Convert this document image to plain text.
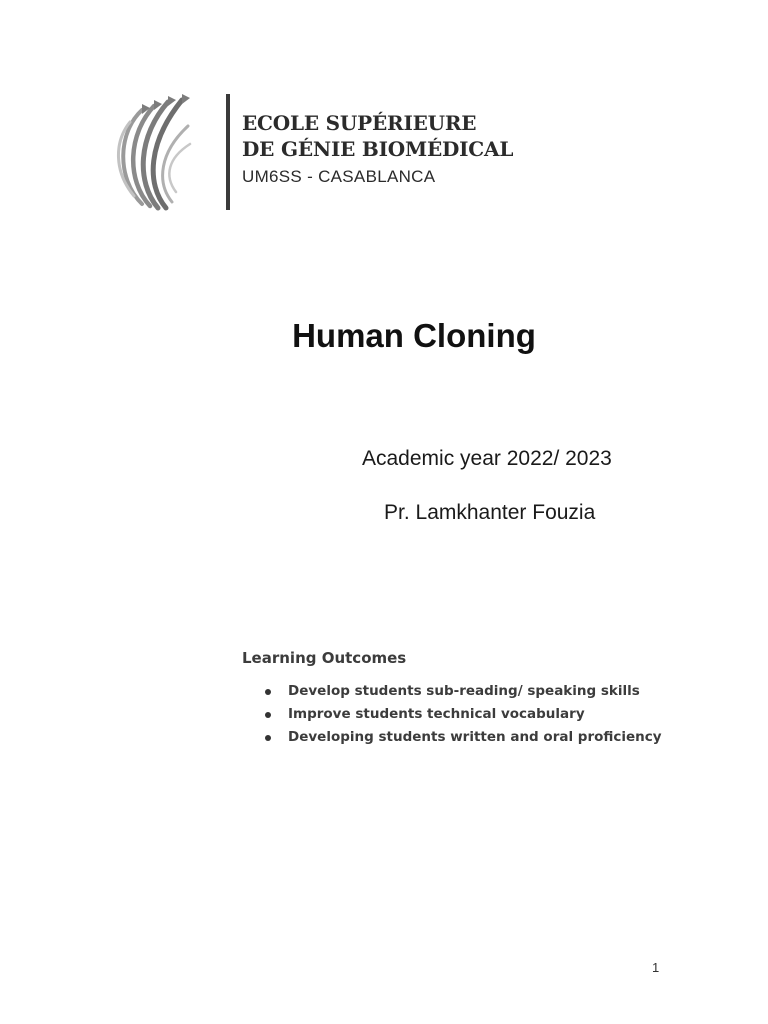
ECOLE SUPÉRIEURE
DE GÉNIE BIOMÉDICAL
UM6SS - CASABLANCA
Human Cloning
Academic year 2022/ 2023
Pr. Lamkhanter Fouzia
Learning Outcomes
Develop students sub-reading/ speaking skills
Improve students technical vocabulary
Developing students written and oral proficiency
1
